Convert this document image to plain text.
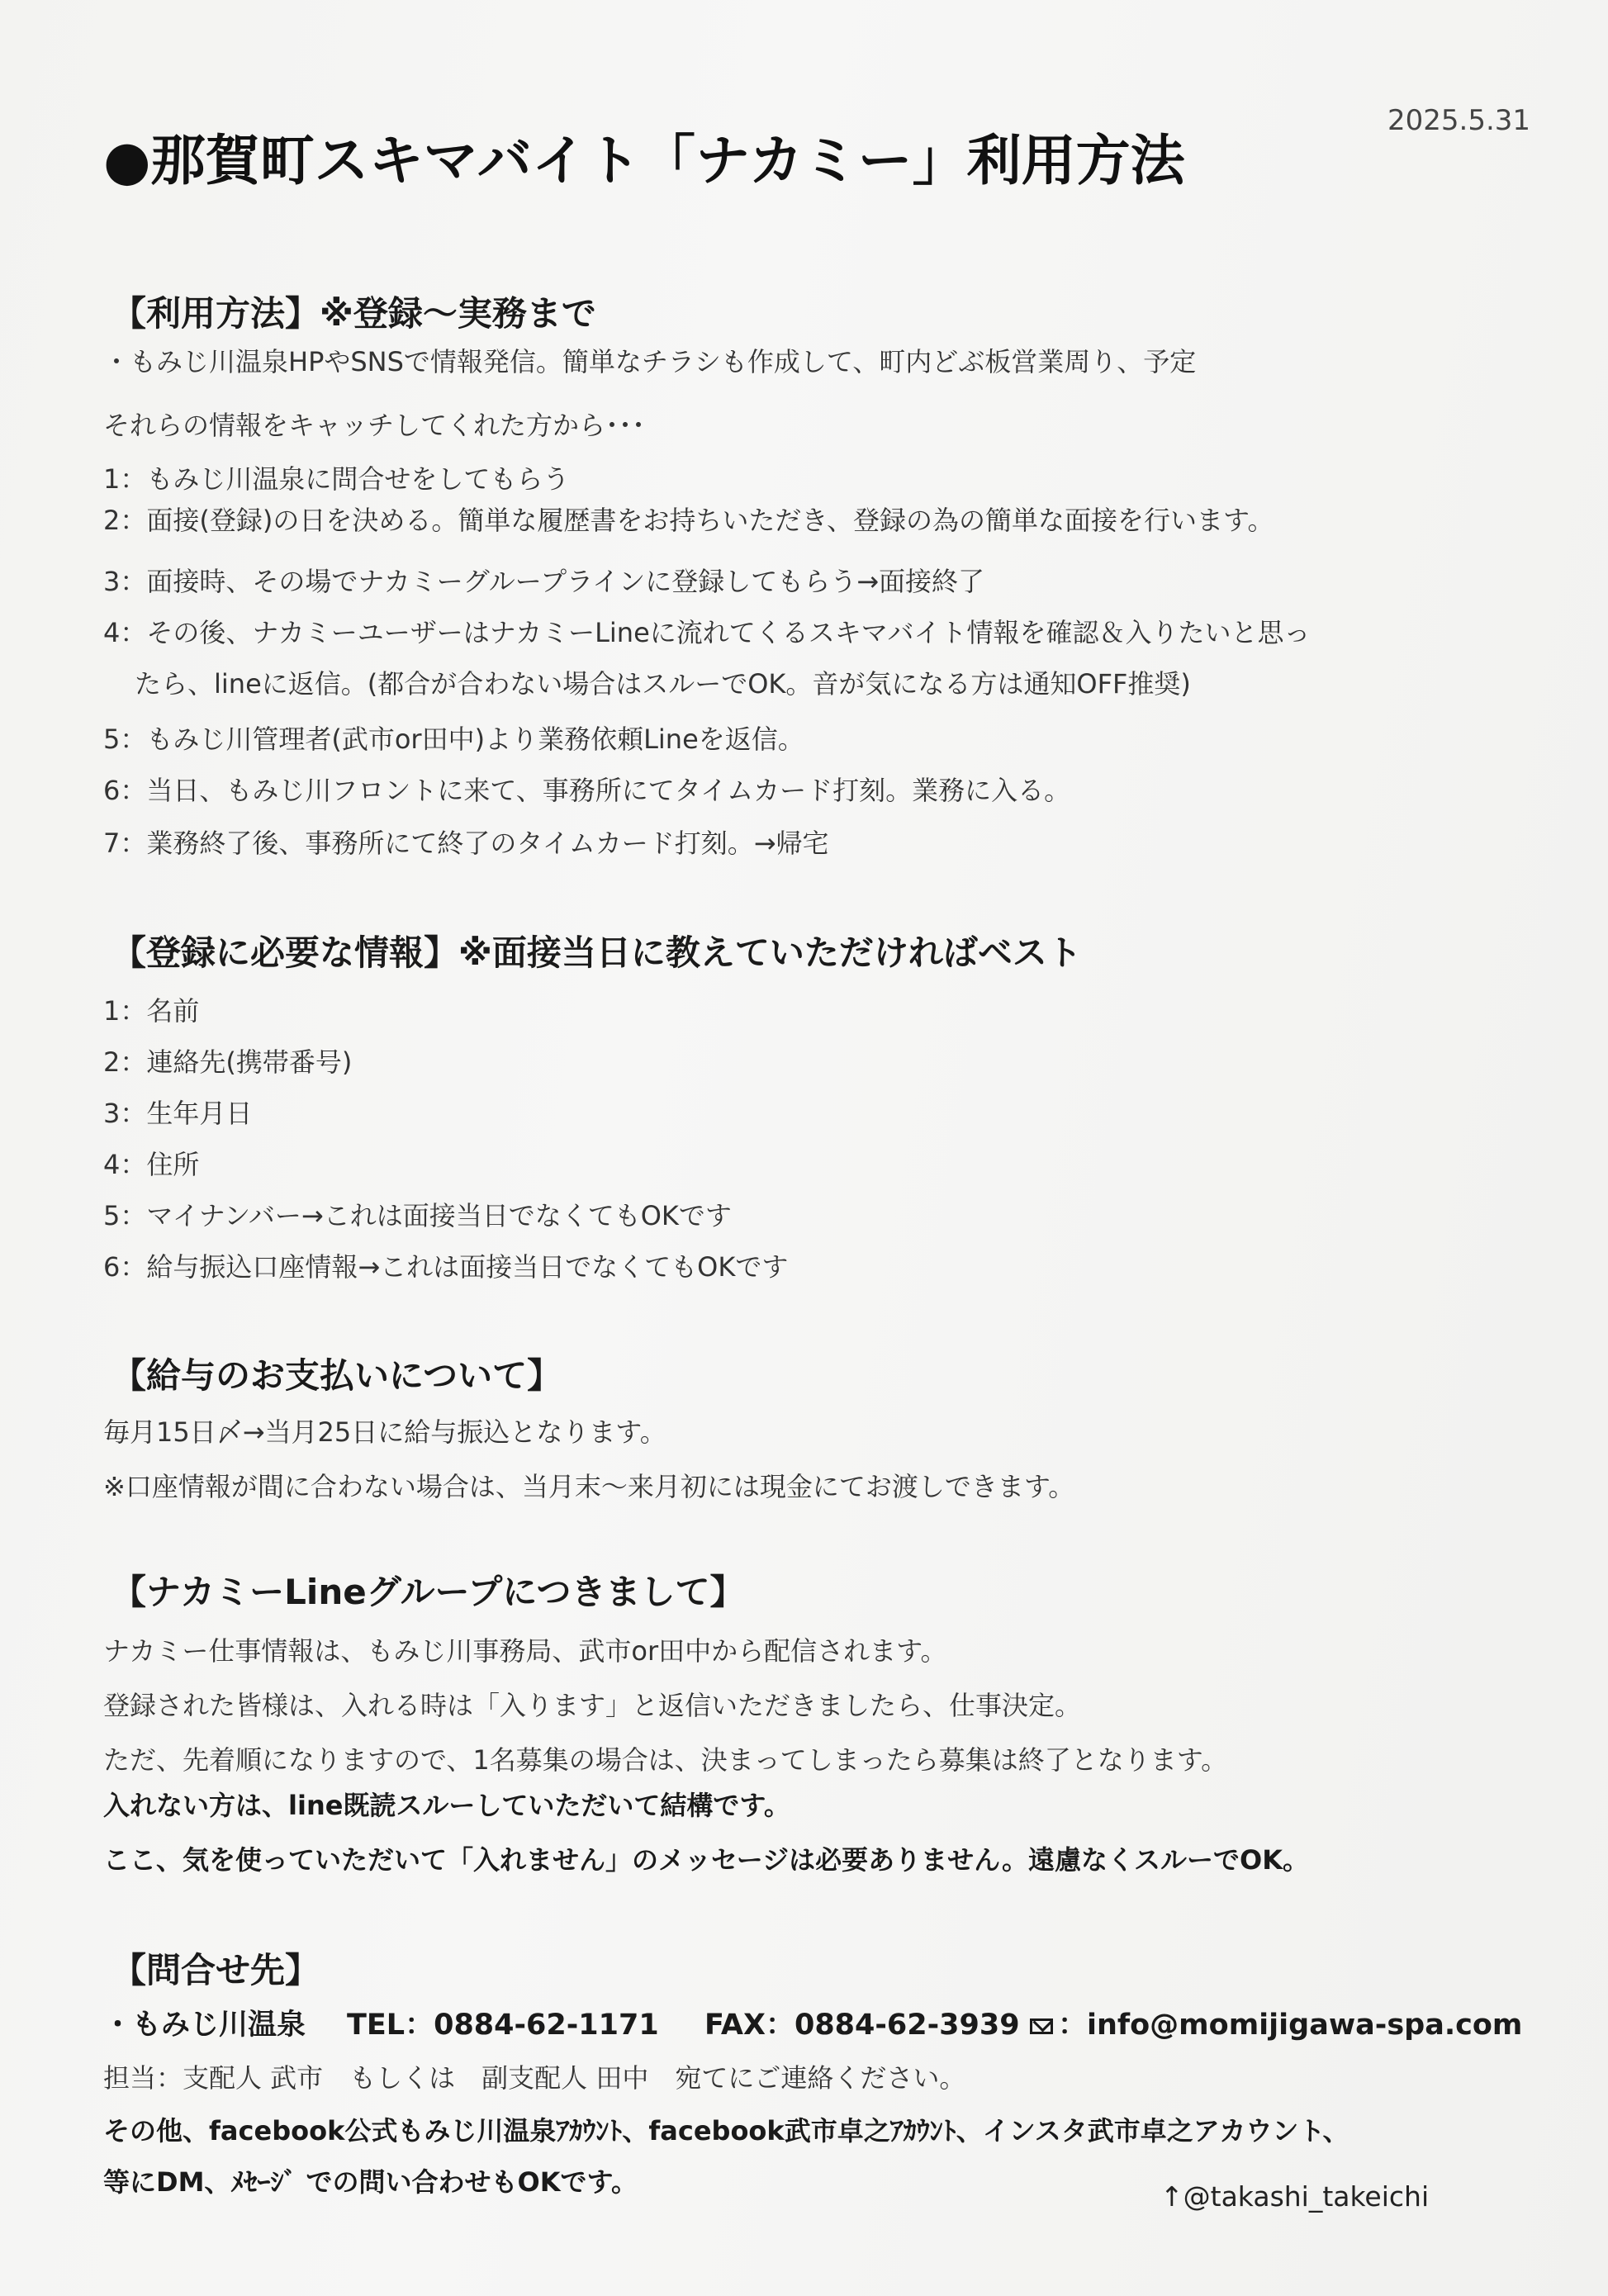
2025.5.31
●那賀町スキマバイト「ナカミー」利用方法
【利用方法】※登録～実務まで
・もみじ川温泉HPやSNSで情報発信。簡単なチラシも作成して、町内どぶ板営業周り、予定
それらの情報をキャッチしてくれた方から･･･
1：もみじ川温泉に問合せをしてもらう
2：面接(登録)の日を決める。簡単な履歴書をお持ちいただき、登録の為の簡単な面接を行います。
3：面接時、その場でナカミーグループラインに登録してもらう→面接終了
4：その後、ナカミーユーザーはナカミーLineに流れてくるスキマバイト情報を確認＆入りたいと思っ
たら、lineに返信。(都合が合わない場合はスルーでOK。音が気になる方は通知OFF推奨)
5：もみじ川管理者(武市or田中)より業務依頼Lineを返信。
6：当日、もみじ川フロントに来て、事務所にてタイムカード打刻。業務に入る。
7：業務終了後、事務所にて終了のタイムカード打刻。→帰宅
【登録に必要な情報】※面接当日に教えていただければベスト
1：名前
2：連絡先(携帯番号)
3：生年月日
4：住所
5：マイナンバー→これは面接当日でなくてもOKです
6：給与振込口座情報→これは面接当日でなくてもOKです
【給与のお支払いについて】
毎月15日〆→当月25日に給与振込となります。
※口座情報が間に合わない場合は、当月末～来月初には現金にてお渡しできます。
【ナカミーLineグループにつきまして】
ナカミー仕事情報は、もみじ川事務局、武市or田中から配信されます。
登録された皆様は、入れる時は「入ります」と返信いただきましたら、仕事決定。
ただ、先着順になりますので、1名募集の場合は、決まってしまったら募集は終了となります。
入れない方は、line既読スルーしていただいて結構です。
ここ、気を使っていただいて「入れません」のメッセージは必要ありません。遠慮なくスルーでOK。
【問合せ先】
・もみじ川温泉 TEL：0884-62-1171 FAX：0884-62-3939	：info@momijigawa-spa.com
担当：支配人 武市　もしくは　副支配人 田中　宛てにご連絡ください。
その他、facebook公式もみじ川温泉ｱｶｳﾝﾄ、facebook武市卓之ｱｶｳﾝﾄ、インスタ武市卓之アカウント、
等にDM、ﾒｾｰｼﾞ での問い合わせもOKです。	↑@takashi_takeichi
